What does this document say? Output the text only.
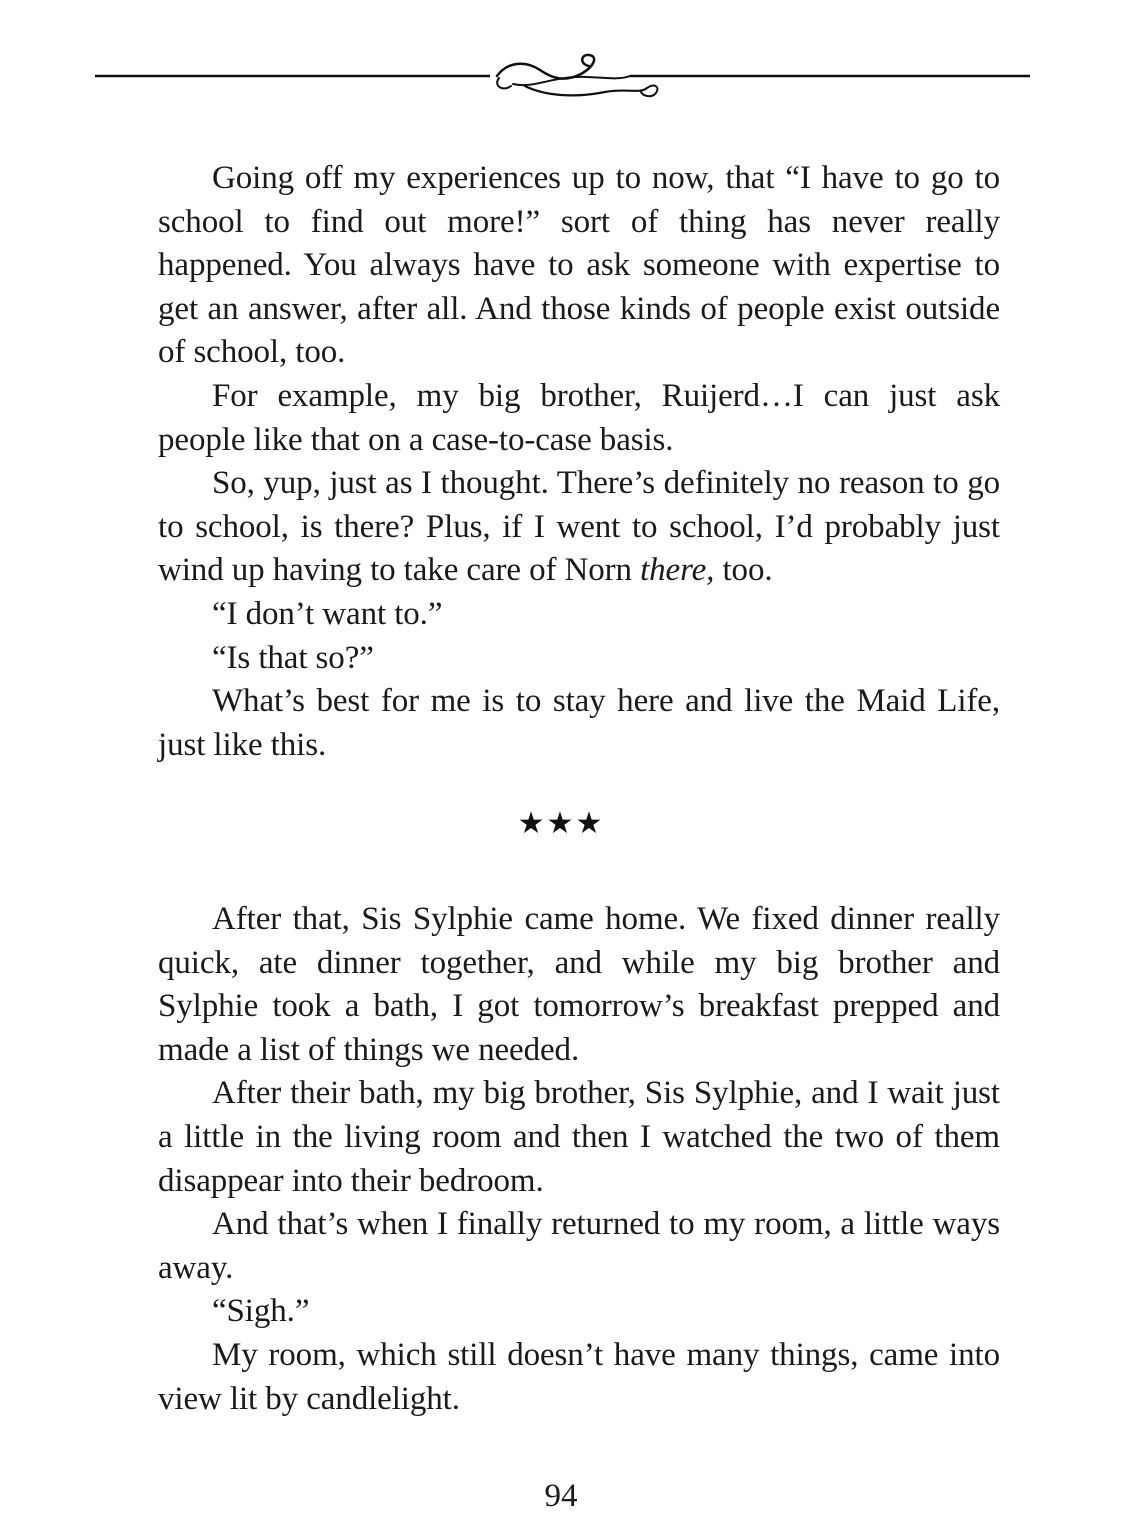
Going off my experiences up to now, that “I have to go to school to find out more!” sort of thing has never really happened. You always have to ask someone with expertise to get an answer, after all. And those kinds of people exist outside of school, too.

For example, my big brother, Ruijerd…I can just ask people like that on a case-to-case basis.

So, yup, just as I thought. There’s definitely no reason to go to school, is there? Plus, if I went to school, I’d probably just wind up having to take care of Norn there, too.

“I don’t want to.”

“Is that so?”

What’s best for me is to stay here and live the Maid Life, just like this.

★★★

After that, Sis Sylphie came home. We fixed dinner really quick, ate dinner together, and while my big brother and Sylphie took a bath, I got tomorrow’s breakfast prepped and made a list of things we needed.

After their bath, my big brother, Sis Sylphie, and I wait just a little in the living room and then I watched the two of them disappear into their bedroom.

And that’s when I finally returned to my room, a little ways away.

“Sigh.”

My room, which still doesn’t have many things, came into view lit by candlelight.

94
